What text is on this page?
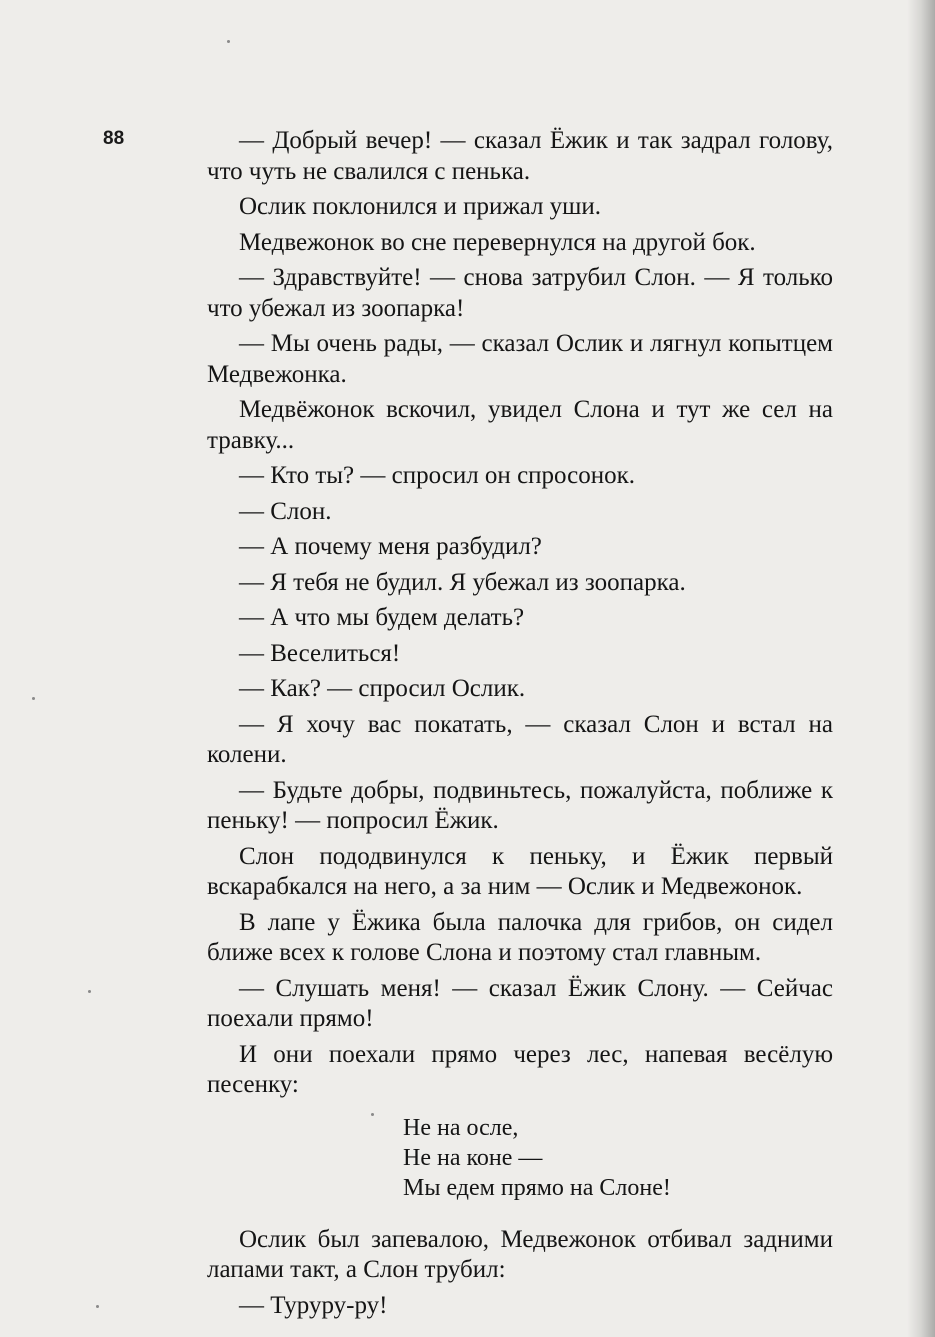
88	— Добрый вечер! — сказал Ёжик и так задрал голову, что чуть не свалился с пенька.

Ослик поклонился и прижал уши.

Медвежонок во сне перевернулся на другой бок.

— Здравствуйте! — снова затрубил Слон. — Я только что убежал из зоопарка!

— Мы очень рады, — сказал Ослик и лягнул копытцем Медвежонка.

Медвёжонок вскочил, увидел Слона и тут же сел на травку...

— Кто ты? — спросил он спросонок.

— Слон.

— А почему меня разбудил?

— Я тебя не будил. Я убежал из зоопарка.

— А что мы будем делать?

— Веселиться!

— Как? — спросил Ослик.

— Я хочу вас покатать, — сказал Слон и встал на колени.

— Будьте добры, подвиньтесь, пожалуйста, поближе к пеньку! — попросил Ёжик.

Слон пододвинулся к пеньку, и Ёжик первый вскарабкался на него, а за ним — Ослик и Медвежонок.

В лапе у Ёжика была палочка для грибов, он сидел ближе всех к голове Слона и поэтому стал главным.

— Слушать меня! — сказал Ёжик Слону. — Сейчас поехали прямо!

И они поехали прямо через лес, напевая весёлую песенку:

Не на осле,
Не на коне —
Мы едем прямо на Слоне!

Ослик был запевалою, Медвежонок отбивал задними лапами такт, а Слон трубил:

— Туруру-ру!
